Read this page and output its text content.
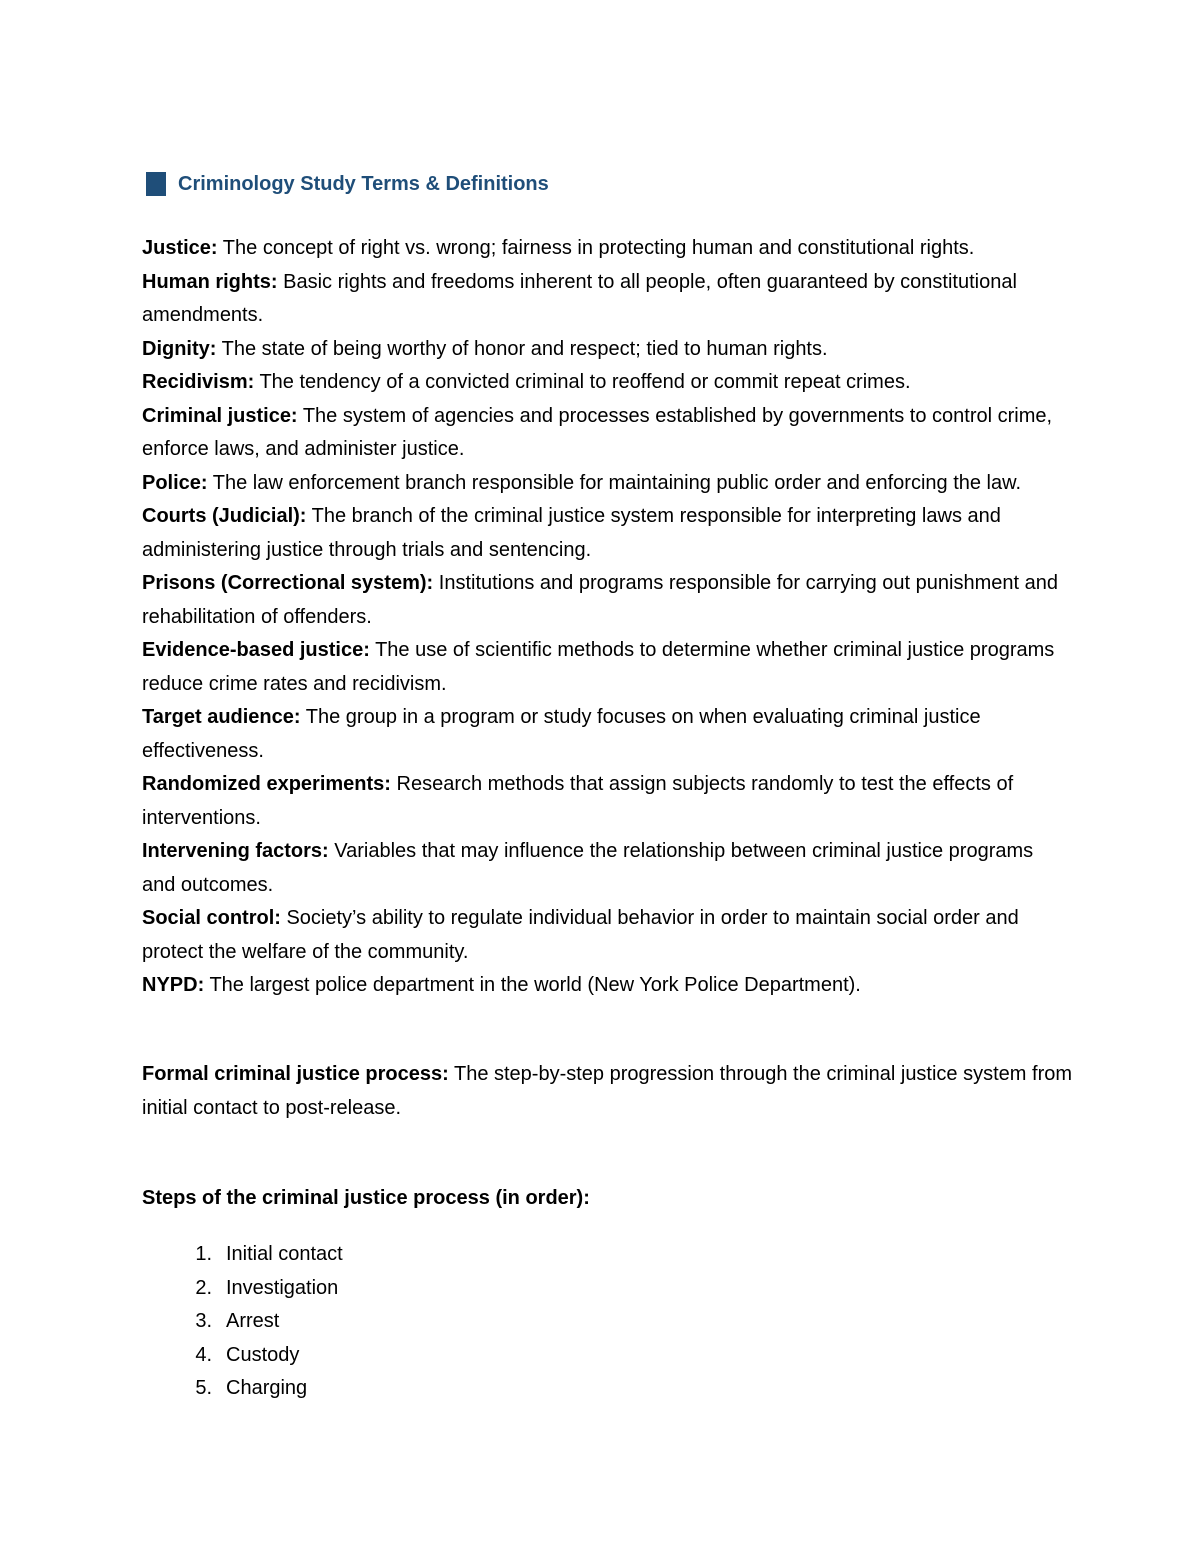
Criminology Study Terms & Definitions

Justice: The concept of right vs. wrong; fairness in protecting human and constitutional rights.

Human rights: Basic rights and freedoms inherent to all people, often guaranteed by constitutional amendments.

Dignity: The state of being worthy of honor and respect; tied to human rights.

Recidivism: The tendency of a convicted criminal to reoffend or commit repeat crimes.

Criminal justice: The system of agencies and processes established by governments to control crime, enforce laws, and administer justice.

Police: The law enforcement branch responsible for maintaining public order and enforcing the law.

Courts (Judicial): The branch of the criminal justice system responsible for interpreting laws and administering justice through trials and sentencing.

Prisons (Correctional system): Institutions and programs responsible for carrying out punishment and rehabilitation of offenders.

Evidence-based justice: The use of scientific methods to determine whether criminal justice programs reduce crime rates and recidivism.

Target audience: The group in a program or study focuses on when evaluating criminal justice effectiveness.

Randomized experiments: Research methods that assign subjects randomly to test the effects of interventions.

Intervening factors: Variables that may influence the relationship between criminal justice programs and outcomes.

Social control: Society’s ability to regulate individual behavior in order to maintain social order and protect the welfare of the community.

NYPD: The largest police department in the world (New York Police Department).

Formal criminal justice process: The step-by-step progression through the criminal justice system from initial contact to post-release.

Steps of the criminal justice process (in order):
1 . Initial contact
2 . Investigation
3 . Arrest
4 . Custody
5 . Charging
